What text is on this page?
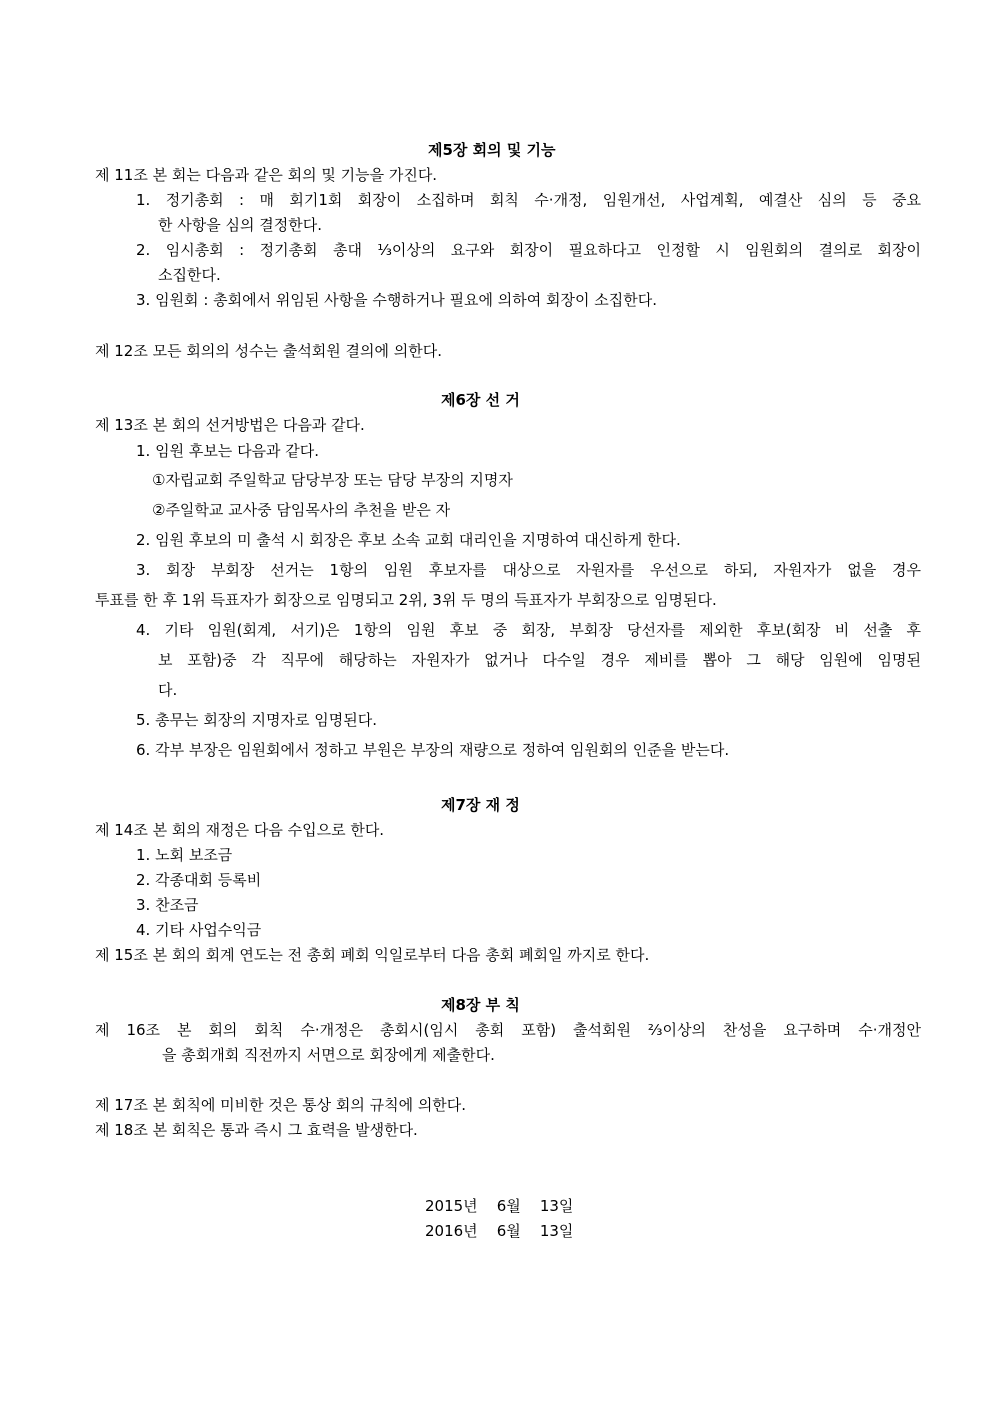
제5장 회의 및 기능
제 11조 본 회는 다음과 같은 회의 및 기능을 가진다.
1. 정기총회 : 매 회기1회 회장이 소집하며 회칙 수·개정, 임원개선, 사업계획, 예결산 심의 등 중요
한 사항을 심의 결정한다.
2. 임시총회 : 정기총회 총대 ⅓이상의 요구와 회장이 필요하다고 인정할 시 임원회의 결의로 회장이
소집한다.
3. 임원회 : 총회에서 위임된 사항을 수행하거나 필요에 의하여 회장이 소집한다.
제 12조 모든 회의의 성수는 출석회원 결의에 의한다.
제6장 선 거
제 13조 본 회의 선거방법은 다음과 같다.
1. 임원 후보는 다음과 같다.
①자립교회 주일학교 담당부장 또는 담당 부장의 지명자
②주일학교 교사중 담임목사의 추천을 받은 자
2. 임원 후보의 미 출석 시 회장은 후보 소속 교회 대리인을 지명하여 대신하게 한다.
3. 회장 부회장 선거는 1항의 임원 후보자를 대상으로 자원자를 우선으로 하되, 자원자가 없을 경우
투표를 한 후 1위 득표자가 회장으로 임명되고 2위, 3위 두 명의 득표자가 부회장으로 임명된다.
4. 기타 임원(회계, 서기)은 1항의 임원 후보 중 회장, 부회장 당선자를 제외한 후보(회장 비 선출 후
보 포함)중 각 직무에 해당하는 자원자가 없거나 다수일 경우 제비를 뽑아 그 해당 임원에 임명된
다.
5. 총무는 회장의 지명자로 임명된다.
6. 각부 부장은 임원회에서 정하고 부원은 부장의 재량으로 정하여 임원회의 인준을 받는다.
제7장 재 정
제 14조 본 회의 재정은 다음 수입으로 한다.
1. 노회 보조금
2. 각종대회 등록비
3. 찬조금
4. 기타 사업수익금
제 15조 본 회의 회계 연도는 전 총회 폐회 익일로부터 다음 총회 폐회일 까지로 한다.
제8장 부 칙
제 16조 본 회의 회칙 수·개정은 총회시(임시 총회 포함) 출석회원 ⅔이상의 찬성을 요구하며 수·개정안
을 총회개회 직전까지 서면으로 회장에게 제출한다.
제 17조 본 회칙에 미비한 것은 통상 회의 규칙에 의한다.
제 18조 본 회칙은 통과 즉시 그 효력을 발생한다.
2015년    6월    13일
2016년    6월    13일
